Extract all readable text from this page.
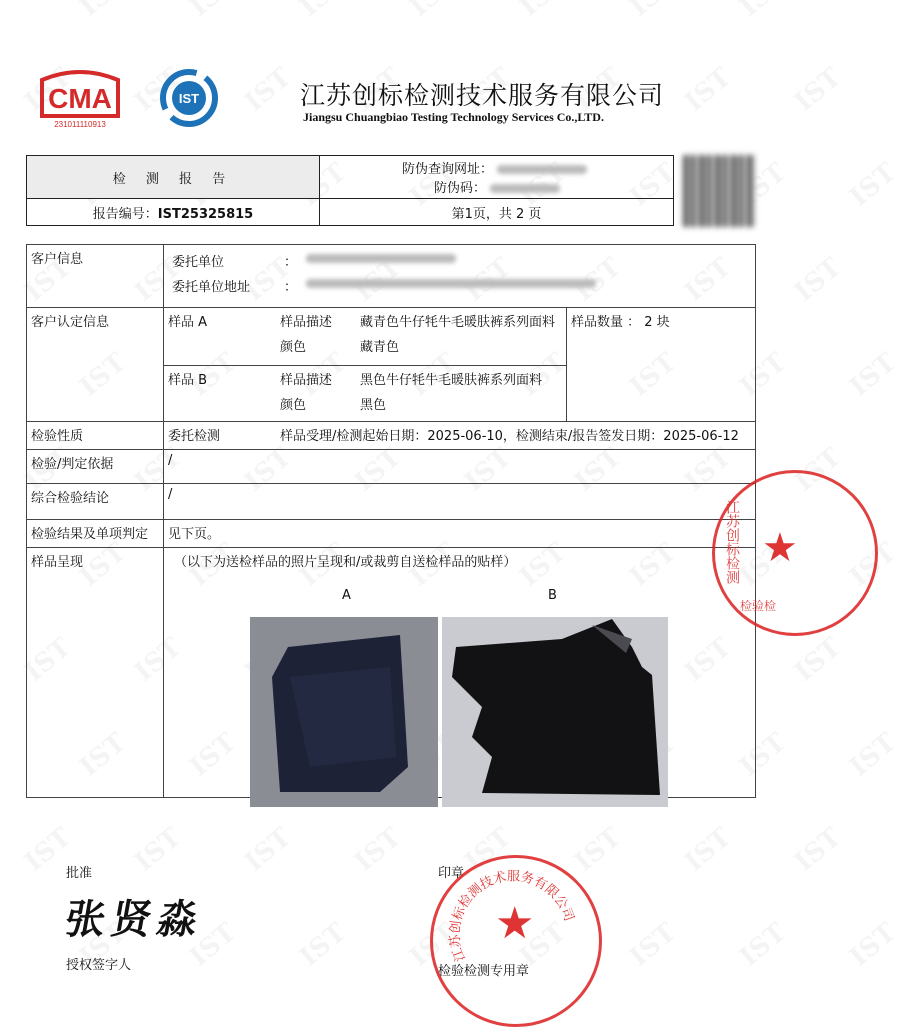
CMA
231011110913
IST	江苏创标检测技术服务有限公司
Jiangsu Chuangbiao Testing Technology Services Co.,LTD.
检 测 报 告	防伪查询网址：
防伪码：

报告编号：IST25325815	第1页，共 2 页
客户信息		委托单位	：	
委托单位地址	：	

客户认定信息		样品 A	样品描述	藏青色牛仔牦牛毛暖肤裤系列面料
	颜色	藏青色
	样品数量 ： 2 块

样品 B	样品描述	黑色牛仔牦牛毛暖肤裤系列面料
	颜色	黑色

检验性质		委托检测	样品受理/检测起始日期：2025-06-10，检测结束/报告签发日期：2025-06-12

检验/判定依据	/
综合检验结论	/
检验结果及单项判定	见下页。
样品呈现	（以下为送检样品的照片呈现和/或裁剪自送检样品的贴样）
A	B
江苏创标检测 ★
检验检
批准
张贤淼
授权签字人
印章
江苏创标检测技术服务有限公司
★
检验检测专用章
